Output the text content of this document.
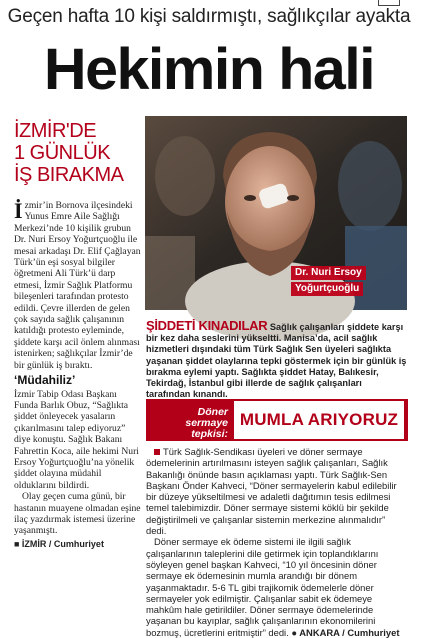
Geçen hafta 10 kişi saldırmıştı, sağlıkçılar ayakta
Hekimin hali
İZMİR'DE
1 GÜNLÜK
İŞ BIRAKMA
Dr. Nuri Ersoy
Yoğurtçuoğlu

İzmir’in Bornova ilçesindeki Yunus Emre Aile Sağlığı Merkezi’nde 10 kişilik grubun Dr. Nuri Ersoy Yoğurtçuoğlu ile mesai arkadaşı Dr. Elif Çağlayan Türk’ün eşi sosyal bilgiler öğretmeni Ali Türk’ü darp etmesi, İzmir Sağlık Platformu bileşenleri tarafından protesto edildi. Çevre illerden de gelen çok sayıda sağlık çalışanının katıldığı protesto eyleminde, şiddete karşı acil önlem alınması istenirken; sağlıkçılar İzmir’de bir günlük iş bıraktı.

‘Müdahiliz’

İzmir Tabip Odası Başkanı Funda Barlık Obuz, “Sağlıkta şiddet önleyecek yasaların çıkarılmasını talep ediyoruz” diye konuştu. Sağlık Bakanı Fahrettin Koca, aile hekimi Nuri Ersoy Yoğurtçuoğlu’na yönelik şiddet olayına müdahil olduklarını bildirdi.

Olay geçen cuma günü, bir hastanın muayene olmadan eşine ilaç yazdırmak istemesi üzerine yaşanmıştı.

■ İZMİR / Cumhuriyet
ŞİDDETİ KINADILAR Sağlık çalışanları şiddete karşı bir kez daha seslerini yükseltti. Manisa’da, acil sağlık hizmetleri dışındaki tüm Türk Sağlık Sen üyeleri sağlıkta yaşanan şiddet olaylarına tepki göstermek için bir günlük iş bırakma eylemi yaptı. Sağlıkta şiddet Hatay, Balıkesir, Tekirdağ, İstanbul gibi illerde de sağlık çalışanları tarafından kınandı.
Döner
sermaye
tepkisi:
MUMLA ARIYORUZ

Türk Sağlık-Sendikası üyeleri ve döner sermaye ödemelerinin artırılmasını isteyen sağlık çalışanları, Sağlık Bakanlığı önünde basın açıklaması yaptı. Türk Sağlık-Sen Başkanı Önder Kahveci, “Döner sermayelerin kabul edilebilir bir düzeye yükseltilmesi ve adaletli dağıtımın tesis edilmesi temel talebimizdir. Döner sermaye sistemi köklü bir şekilde değiştirilmeli ve çalışanlar sistemin merkezine alınmalıdır” dedi.

Döner sermaye ek ödeme sistemi ile ilgili sağlık çalışanlarının taleplerini dile getirmek için toplandıklarını söyleyen genel başkan Kahveci, “10 yıl öncesinin döner sermaye ek ödemesinin mumla arandığı bir dönem yaşanmaktadır. 5-6 TL gibi trajikomik ödemelerle döner sermayeler yok edilmiştir. Çalışanlar sabit ek ödemeye mahkûm hale getirildiler. Döner sermaye ödemelerinde yaşanan bu kayıplar, sağlık çalışanlarının ekonomilerini bozmuş, ücretlerini eritmiştir” dedi. ● ANKARA / Cumhuriyet
